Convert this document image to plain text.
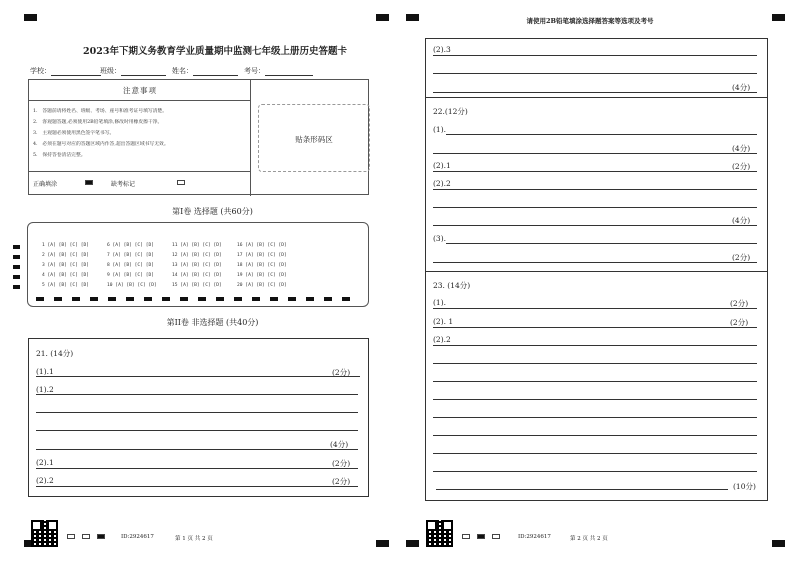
2023年下期义务教育学业质量期中监测七年级上册历史答题卡
学校：	班级：	姓名：	考号：
注意事项
1.　答题前请将姓名、班级、考场、座号和准考证号填写清楚。
2.　客观题答题,必须使用2B铅笔填涂,修改时用橡皮擦干净。
3.　主观题必须使用黑色签字笔书写。
4.　必须在题号对应的答题区域内作答,超出答题区域书写无效。
5.　保持答卷清洁完整。
正确填涂	缺考标记
贴条形码区
第I卷 选择题 (共60分)
1 [A] [B] [C] [D]	6 [A] [B] [C] [D]	11 [A] [B] [C] [D]	16 [A] [B] [C] [D]
2 [A] [B] [C] [D]	7 [A] [B] [C] [D]	12 [A] [B] [C] [D]	17 [A] [B] [C] [D]
3 [A] [B] [C] [D]	8 [A] [B] [C] [D]	13 [A] [B] [C] [D]	18 [A] [B] [C] [D]
4 [A] [B] [C] [D]	9 [A] [B] [C] [D]	14 [A] [B] [C] [D]	19 [A] [B] [C] [D]
5 [A] [B] [C] [D]	10 [A] [B] [C] [D]	15 [A] [B] [C] [D]	20 [A] [B] [C] [D]
第II卷 非选择题 (共40分)
21. (14分)
(1).1	(2分)
(1).2
(4分)
(2).1	(2分)
(2).2	(2分)
ID:2924617	第 1 页 共 2 页
请使用2B铅笔填涂选择题答案等选项及考号
(2).3
(4分)
22.(12分)
(1).
(4分)
(2).1	(2分)
(2).2
(4分)
(3).
(2分)
23. (14分)
(1).	(2分)
(2). 1	(2分)
(2).2
(10分)
ID:2924617	第 2 页 共 2 页
